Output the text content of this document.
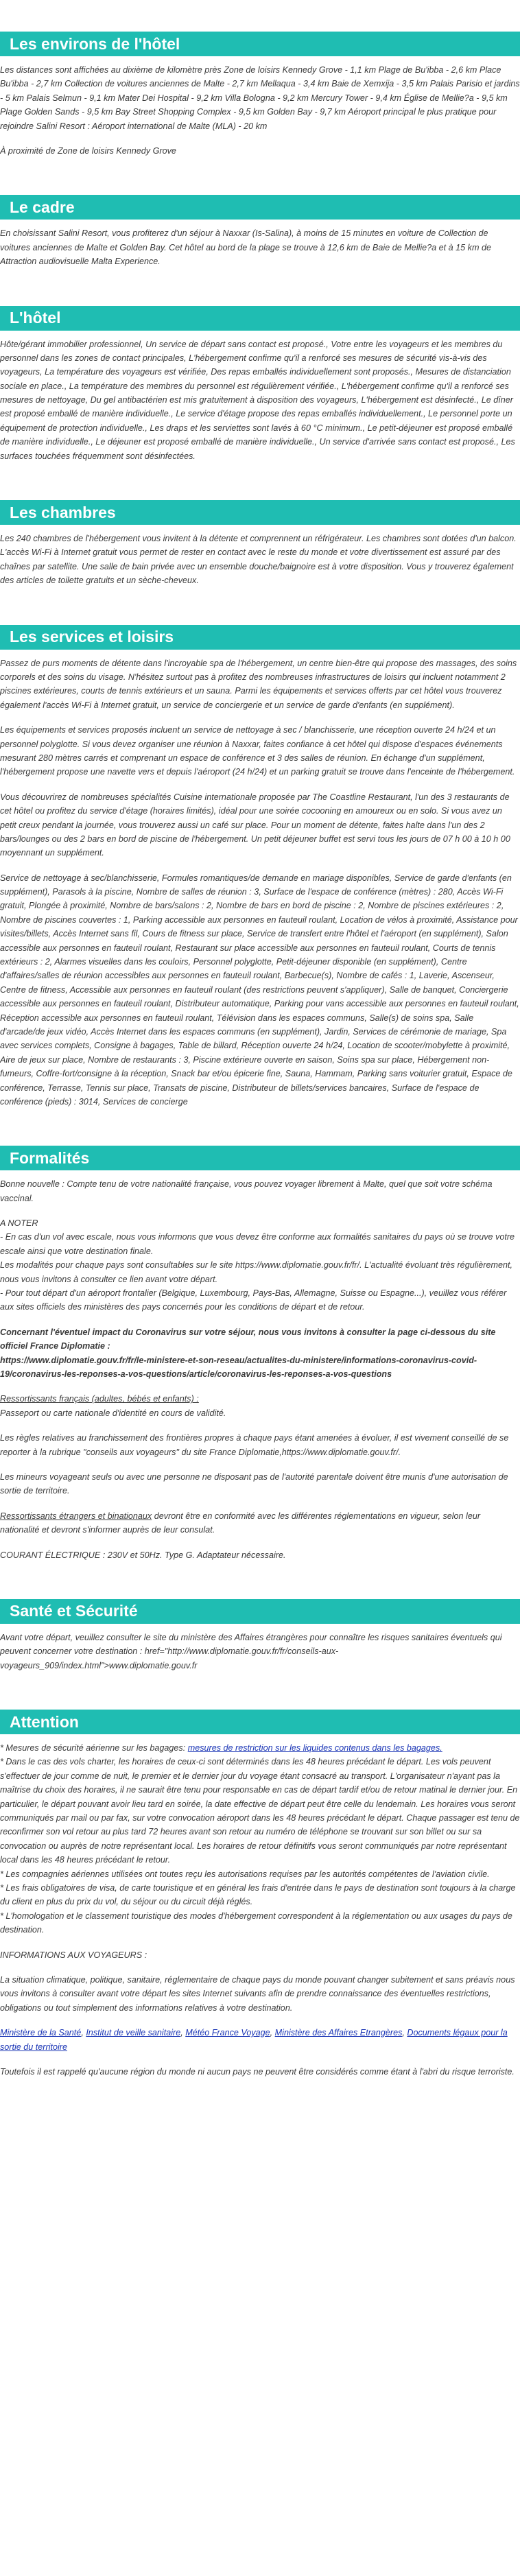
Les environs de l'hôtel

Les distances sont affichées au dixième de kilomètre près Zone de loisirs Kennedy Grove - 1,1 km Plage de Bu'ibba - 2,6 km Place Bu'ibba - 2,7 km Collection de voitures anciennes de Malte - 2,7 km Mellaqua - 3,4 km Baie de Xemxija - 3,5 km Palais Parisio et jardins - 5 km Palais Selmun - 9,1 km Mater Dei Hospital - 9,2 km Villa Bologna - 9,2 km Mercury Tower - 9,4 km Église de Mellie?a - 9,5 km Plage Golden Sands - 9,5 km Bay Street Shopping Complex - 9,5 km Golden Bay - 9,7 km Aéroport principal le plus pratique pour rejoindre Salini Resort : Aéroport international de Malte (MLA) - 20 km

À proximité de Zone de loisirs Kennedy Grove

Le cadre

En choisissant Salini Resort, vous profiterez d'un séjour à Naxxar (Is-Salina), à moins de 15 minutes en voiture de Collection de voitures anciennes de Malte et Golden Bay. Cet hôtel au bord de la plage se trouve à 12,6 km de Baie de Mellie?a et à 15 km de Attraction audiovisuelle Malta Experience.

L'hôtel

Hôte/gérant immobilier professionnel, Un service de départ sans contact est proposé., Votre entre les voyageurs et les membres du personnel dans les zones de contact principales, L'hébergement confirme qu'il a renforcé ses mesures de sécurité vis-à-vis des voyageurs, La température des voyageurs est vérifiée, Des repas emballés individuellement sont proposés., Mesures de distanciation sociale en place., La température des membres du personnel est régulièrement vérifiée., L'hébergement confirme qu'il a renforcé ses mesures de nettoyage, Du gel antibactérien est mis gratuitement à disposition des voyageurs, L'hébergement est désinfecté., Le dîner est proposé emballé de manière individuelle., Le service d'étage propose des repas emballés individuellement., Le personnel porte un équipement de protection individuelle., Les draps et les serviettes sont lavés à 60 °C minimum., Le petit-déjeuner est proposé emballé de manière individuelle., Le déjeuner est proposé emballé de manière individuelle., Un service d'arrivée sans contact est proposé., Les surfaces touchées fréquemment sont désinfectées.

Les chambres

Les 240 chambres de l'hébergement vous invitent à la détente et comprennent un réfrigérateur. Les chambres sont dotées d'un balcon. L'accès Wi-Fi à Internet gratuit vous permet de rester en contact avec le reste du monde et votre divertissement est assuré par des chaînes par satellite. Une salle de bain privée avec un ensemble douche/baignoire est à votre disposition. Vous y trouverez également des articles de toilette gratuits et un sèche-cheveux.

Les services et loisirs

Passez de purs moments de détente dans l'incroyable spa de l'hébergement, un centre bien-être qui propose des massages, des soins corporels et des soins du visage. N'hésitez surtout pas à profitez des nombreuses infrastructures de loisirs qui incluent notamment 2 piscines extérieures, courts de tennis extérieurs et un sauna. Parmi les équipements et services offerts par cet hôtel vous trouverez également l'accès Wi-Fi à Internet gratuit, un service de conciergerie et un service de garde d'enfants (en supplément).

Les équipements et services proposés incluent un service de nettoyage à sec / blanchisserie, une réception ouverte 24 h/24 et un personnel polyglotte. Si vous devez organiser une réunion à Naxxar, faites confiance à cet hôtel qui dispose d'espaces événements mesurant 280 mètres carrés et comprenant un espace de conférence et 3 des salles de réunion. En échange d'un supplément, l'hébergement propose une navette vers et depuis l'aéroport (24 h/24) et un parking gratuit se trouve dans l'enceinte de l'hébergement.

Vous découvrirez de nombreuses spécialités Cuisine internationale proposée par The Coastline Restaurant, l'un des 3 restaurants de cet hôtel ou profitez du service d'étage (horaires limités), idéal pour une soirée cocooning en amoureux ou en solo. Si vous avez un petit creux pendant la journée, vous trouverez aussi un café sur place. Pour un moment de détente, faites halte dans l'un des 2 bars/lounges ou des 2 bars en bord de piscine de l'hébergement. Un petit déjeuner buffet est servi tous les jours de 07 h 00 à 10 h 00 moyennant un supplément.

Service de nettoyage à sec/blanchisserie, Formules romantiques/de demande en mariage disponibles, Service de garde d'enfants (en supplément), Parasols à la piscine, Nombre de salles de réunion : 3, Surface de l'espace de conférence (mètres) : 280, Accès Wi-Fi gratuit, Plongée à proximité, Nombre de bars/salons : 2, Nombre de bars en bord de piscine : 2, Nombre de piscines extérieures : 2, Nombre de piscines couvertes : 1, Parking accessible aux personnes en fauteuil roulant, Location de vélos à proximité, Assistance pour visites/billets, Accès Internet sans fil, Cours de fitness sur place, Service de transfert entre l'hôtel et l'aéroport (en supplément), Salon accessible aux personnes en fauteuil roulant, Restaurant sur place accessible aux personnes en fauteuil roulant, Courts de tennis extérieurs : 2, Alarmes visuelles dans les couloirs, Personnel polyglotte, Petit-déjeuner disponible (en supplément), Centre d'affaires/salles de réunion accessibles aux personnes en fauteuil roulant, Barbecue(s), Nombre de cafés : 1, Laverie, Ascenseur, Centre de fitness, Accessible aux personnes en fauteuil roulant (des restrictions peuvent s'appliquer), Salle de banquet, Conciergerie accessible aux personnes en fauteuil roulant, Distributeur automatique, Parking pour vans accessible aux personnes en fauteuil roulant, Réception accessible aux personnes en fauteuil roulant, Télévision dans les espaces communs, Salle(s) de soins spa, Salle d'arcade/de jeux vidéo, Accès Internet dans les espaces communs (en supplément), Jardin, Services de cérémonie de mariage, Spa avec services complets, Consigne à bagages, Table de billard, Réception ouverte 24 h/24, Location de scooter/mobylette à proximité, Aire de jeux sur place, Nombre de restaurants : 3, Piscine extérieure ouverte en saison, Soins spa sur place, Hébergement non-fumeurs, Coffre-fort/consigne à la réception, Snack bar et/ou épicerie fine, Sauna, Hammam, Parking sans voiturier gratuit, Espace de conférence, Terrasse, Tennis sur place, Transats de piscine, Distributeur de billets/services bancaires, Surface de l'espace de conférence (pieds) : 3014, Services de concierge

Formalités

Bonne nouvelle : Compte tenu de votre nationalité française, vous pouvez voyager librement à Malte, quel que soit votre schéma vaccinal.

A NOTER

- En cas d'un vol avec escale, nous vous informons que vous devez être conforme aux formalités sanitaires du pays où se trouve votre escale ainsi que votre destination finale.

Les modalités pour chaque pays sont consultables sur le site https://www.diplomatie.gouv.fr/fr/. L'actualité évoluant très régulièrement, nous vous invitons à consulter ce lien avant votre départ.

- Pour tout départ d'un aéroport frontalier (Belgique, Luxembourg, Pays-Bas, Allemagne, Suisse ou Espagne...), veuillez vous référer aux sites officiels des ministères des pays concernés pour les conditions de départ et de retour.

Concernant l'éventuel impact du Coronavirus sur votre séjour, nous vous invitons à consulter la page ci-dessous du site officiel France Diplomatie :

https://www.diplomatie.gouv.fr/fr/le-ministere-et-son-reseau/actualites-du-ministere/informations-coronavirus-covid-19/coronavirus-les-reponses-a-vos-questions/article/coronavirus-les-reponses-a-vos-questions

Ressortissants français (adultes, bébés et enfants) :

Passeport ou carte nationale d'identité en cours de validité.

Les règles relatives au franchissement des frontières propres à chaque pays étant amenées à évoluer, il est vivement conseillé de se reporter à la rubrique "conseils aux voyageurs" du site France Diplomatie,https://www.diplomatie.gouv.fr/.

Les mineurs voyageant seuls ou avec une personne ne disposant pas de l'autorité parentale doivent être munis d'une autorisation de sortie de territoire.

Ressortissants étrangers et binationaux devront être en conformité avec les différentes réglementations en vigueur, selon leur nationalité et devront s'informer auprès de leur consulat.

COURANT ÉLECTRIQUE : 230V et 50Hz. Type G. Adaptateur nécessaire.

Santé et Sécurité

Avant votre départ, veuillez consulter le site du ministère des Affaires étrangères pour connaître les risques sanitaires éventuels qui peuvent concerner votre destination : href="http://www.diplomatie.gouv.fr/fr/conseils-aux-voyageurs_909/index.html">www.diplomatie.gouv.fr

Attention

* Mesures de sécurité aérienne sur les bagages: mesures de restriction sur les liquides contenus dans les bagages.

* Dans le cas des vols charter, les horaires de ceux-ci sont déterminés dans les 48 heures précédant le départ. Les vols peuvent s'effectuer de jour comme de nuit, le premier et le dernier jour du voyage étant consacré au transport. L'organisateur n'ayant pas la maîtrise du choix des horaires, il ne saurait être tenu pour responsable en cas de départ tardif et/ou de retour matinal le dernier jour. En particulier, le départ pouvant avoir lieu tard en soirée, la date effective de départ peut être celle du lendemain. Les horaires vous seront communiqués par mail ou par fax, sur votre convocation aéroport dans les 48 heures précédant le départ. Chaque passager est tenu de reconfirmer son vol retour au plus tard 72 heures avant son retour au numéro de téléphone se trouvant sur son billet ou sur sa convocation ou auprès de notre représentant local. Les horaires de retour définitifs vous seront communiqués par notre représentant local dans les 48 heures précédant le retour.

* Les compagnies aériennes utilisées ont toutes reçu les autorisations requises par les autorités compétentes de l'aviation civile.

* Les frais obligatoires de visa, de carte touristique et en général les frais d'entrée dans le pays de destination sont toujours à la charge du client en plus du prix du vol, du séjour ou du circuit déjà réglés.

* L'homologation et le classement touristique des modes d'hébergement correspondent à la réglementation ou aux usages du pays de destination.

INFORMATIONS AUX VOYAGEURS :

La situation climatique, politique, sanitaire, réglementaire de chaque pays du monde pouvant changer subitement et sans préavis nous vous invitons à consulter avant votre départ les sites Internet suivants afin de prendre connaissance des éventuelles restrictions, obligations ou tout simplement des informations relatives à votre destination.

Ministère de la Santé, Institut de veille sanitaire, Météo France Voyage, Ministère des Affaires Etrangères, Documents légaux pour la sortie du territoire

Toutefois il est rappelé qu'aucune région du monde ni aucun pays ne peuvent être considérés comme étant à l'abri du risque terroriste.
